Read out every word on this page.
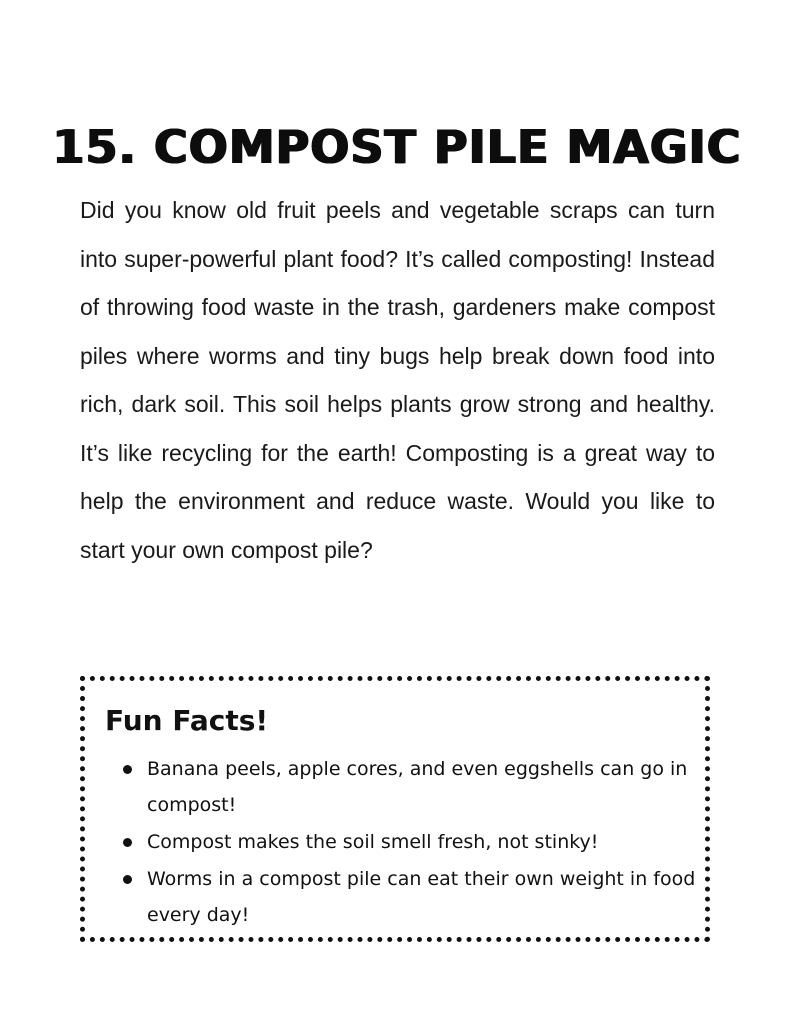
15. COMPOST PILE MAGIC

Did you know old fruit peels and vegetable scraps can turn into super-powerful plant food? It’s called composting! Instead of throwing food waste in the trash, gardeners make compost piles where worms and tiny bugs help break down food into rich, dark soil. This soil helps plants grow strong and healthy. It’s like recycling for the earth! Composting is a great way to help the environment and reduce waste. Would you like to start your own compost pile?

Fun Facts!
Banana peels, apple cores, and even eggshells can go in compost!
Compost makes the soil smell fresh, not stinky!
Worms in a compost pile can eat their own weight in food every day!
